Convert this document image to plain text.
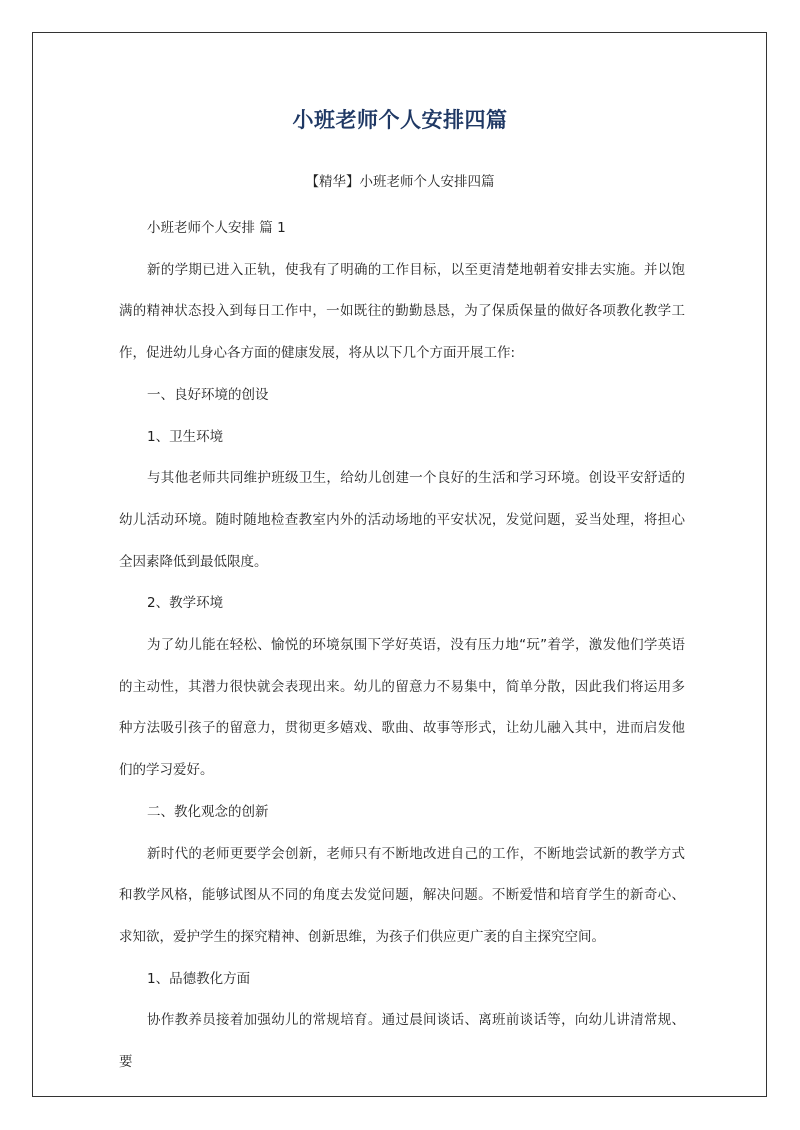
小班老师个人安排四篇
【精华】小班老师个人安排四篇

小班老师个人安排 篇 1

新的学期已进入正轨，使我有了明确的工作目标，以至更清楚地朝着安排去实施。并以饱满的精神状态投入到每日工作中，一如既往的勤勤恳恳，为了保质保量的做好各项教化教学工作，促进幼儿身心各方面的健康发展，将从以下几个方面开展工作:

一、良好环境的创设

1、卫生环境

与其他老师共同维护班级卫生，给幼儿创建一个良好的生活和学习环境。创设平安舒适的幼儿活动环境。随时随地检查教室内外的活动场地的平安状况，发觉问题，妥当处理，将担心全因素降低到最低限度。

2、教学环境

为了幼儿能在轻松、愉悦的环境氛围下学好英语，没有压力地“玩”着学，激发他们学英语的主动性，其潜力很快就会表现出来。幼儿的留意力不易集中，简单分散，因此我们将运用多种方法吸引孩子的留意力，贯彻更多嬉戏、歌曲、故事等形式，让幼儿融入其中，进而启发他们的学习爱好。

二、教化观念的创新

新时代的老师更要学会创新，老师只有不断地改进自己的工作，不断地尝试新的教学方式和教学风格，能够试图从不同的角度去发觉问题，解决问题。不断爱惜和培育学生的新奇心、求知欲，爱护学生的探究精神、创新思维，为孩子们供应更广袤的自主探究空间。

1、品德教化方面

协作教养员接着加强幼儿的常规培育。通过晨间谈话、离班前谈话等，向幼儿讲清常规、要
